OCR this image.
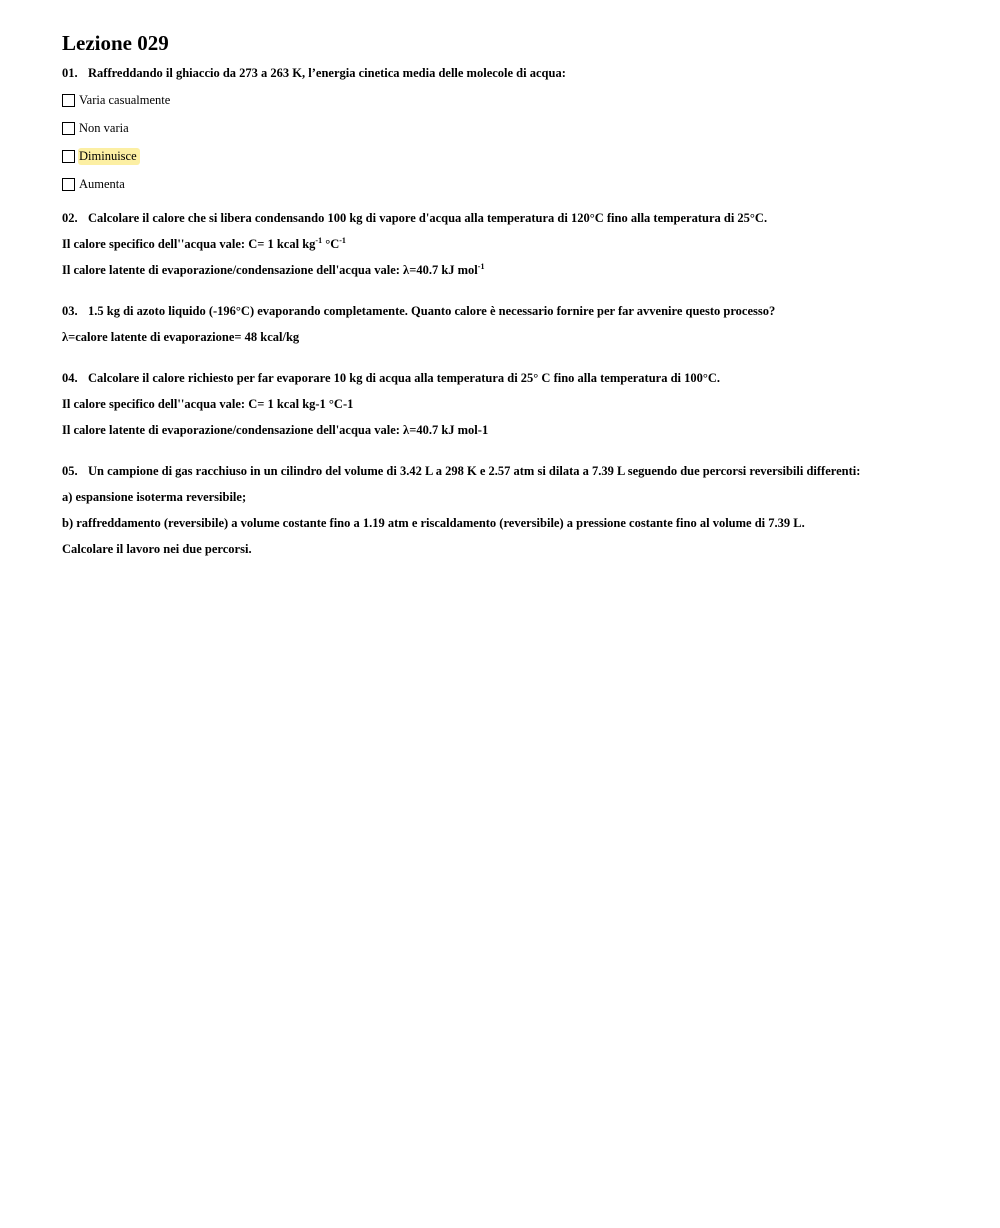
Lezione 029

01. Raffreddando il ghiaccio da 273 a 263 K, l’energia cinetica media delle molecole di acqua:

Varia casualmente
Non varia
Diminuisce
Aumenta

02. Calcolare il calore che si libera condensando 100 kg di vapore d'acqua alla temperatura di 120°C fino alla temperatura di 25°C.

Il calore specifico dell''acqua vale: C= 1 kcal $kg^{-1}$ $^\circ C^{-1}$
Il calore latente di evaporazione/condensazione dell'acqua vale: λ=40.7 kJ mol$^{-1}$

03. 1.5 kg di azoto liquido (-196°C) evaporando completamente. Quanto calore è necessario fornire per far avvenire questo processo?

λ=calore latente di evaporazione= 48 kcal/kg

04. Calcolare il calore richiesto per far evaporare 10 kg di acqua alla temperatura di 25° C fino alla temperatura di 100°C.

Il calore specifico dell''acqua vale: C= 1 kcal kg-1 °C-1
Il calore latente di evaporazione/condensazione dell'acqua vale: λ=40.7 kJ mol-1

05. Un campione di gas racchiuso in un cilindro del volume di 3.42 L a 298 K e 2.57 atm si dilata a 7.39 L seguendo due percorsi reversibili differenti:

a) espansione isoterma reversibile;
b) raffreddamento (reversibile) a volume costante fino a 1.19 atm e riscaldamento (reversibile) a pressione costante fino al volume di 7.39 L.
Calcolare il lavoro nei due percorsi.
